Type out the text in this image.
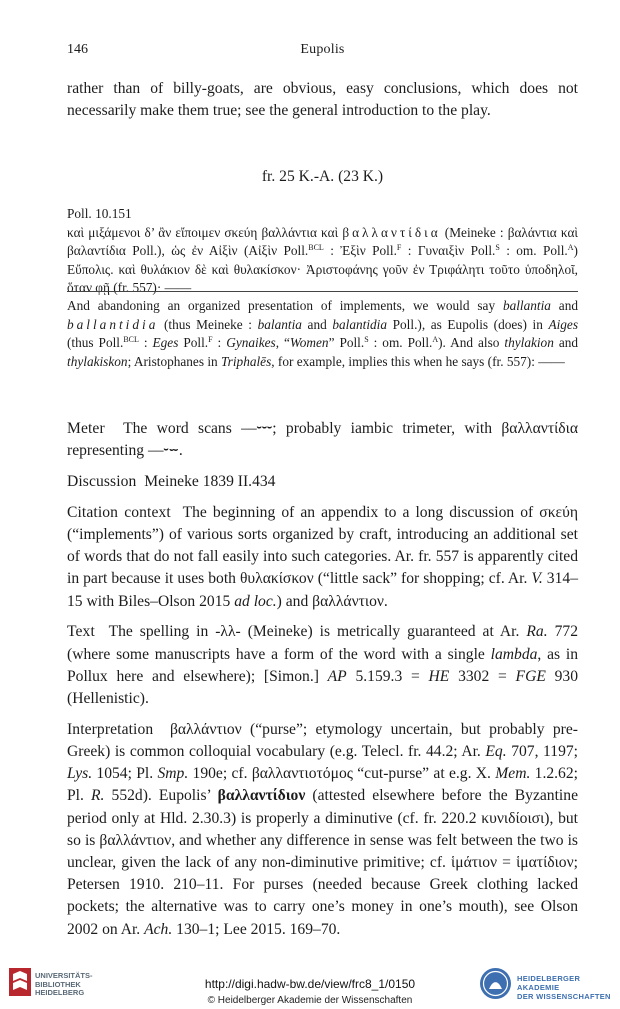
146	Eupolis
rather than of billy-goats, are obvious, easy conclusions, which does not necessarily make them true; see the general introduction to the play.
fr. 25 K.-A. (23 K.)
Poll. 10.151
καὶ μιξάμενοι δ’ ἂν εἴποιμεν σκεύη βαλλάντια καὶ βαλλαντίδια (Meineke : βαλάντια καὶ βαλαντίδια Poll.), ὡς ἐν Αἰξὶν (Αἰξὶν Poll.$^{BCL}$ : Ἐξὶν Poll.$^F$ : Γυναιξὶν Poll.$^S$ : om. Poll.$^A$) Εὔπολις. καὶ θυλάκιον δὲ καὶ θυλακίσκον· Ἀριστοφάνης γοῦν ἐν Τριφάλητι τοῦτο ὑποδηλοῖ, ὅταν φῇ (fr. 557)· ——
And abandoning an organized presentation of implements, we would say ballantia and ballantidia (thus Meineke : balantia and balantidia Poll.), as Eupolis (does) in Aiges (thus Poll.$^{BCL}$ : Eges Poll.$^F$ : Gynaikes, “Women” Poll.$^S$ : om. Poll.$^A$). And also thylakion and thylakiskon; Aristophanes in Triphalēs, for example, implies this when he says (fr. 557): ——
Meter The word scans ––⏑⏑⏑; probably iambic trimeter, with βαλλαντίδια representing ––⏑⏖.
Discussion Meineke 1839 II.434
Citation context The beginning of an appendix to a long discussion of σκεύη (“implements”) of various sorts organized by craft, introducing an additional set of words that do not fall easily into such categories. Ar. fr. 557 is apparently cited in part because it uses both θυλακίσκον (“little sack” for shopping; cf. Ar. V. 314–15 with Biles–Olson 2015 ad loc.) and βαλλάντιον.
Text The spelling in -λλ- (Meineke) is metrically guaranteed at Ar. Ra. 772 (where some manuscripts have a form of the word with a single lambda, as in Pollux here and elsewhere); [Simon.] AP 5.159.3 = HE 3302 = FGE 930 (Hellenistic).
Interpretation βαλλάντιον (“purse”; etymology uncertain, but probably pre-Greek) is common colloquial vocabulary (e.g. Telecl. fr. 44.2; Ar. Eq. 707, 1197; Lys. 1054; Pl. Smp. 190e; cf. βαλλαντιοτόμος “cut-purse” at e.g. X. Mem. 1.2.62; Pl. R. 552d). Eupolis’ βαλλαντίδιον (attested elsewhere before the Byzantine period only at Hld. 2.30.3) is properly a diminutive (cf. fr. 220.2 κυνιδίοισι), but so is βαλλάντιον, and whether any difference in sense was felt between the two is unclear, given the lack of any non-diminutive primitive; cf. ἱμάτιον = ἱματίδιον; Petersen 1910. 210–11. For purses (needed because Greek clothing lacked pockets; the alternative was to carry one’s money in one’s mouth), see Olson 2002 on Ar. Ach. 130–1; Lee 2015. 169–70.
UNIVERSITÄTS-
BIBLIOTHEK
HEIDELBERG
http://digi.hadw-bw.de/view/frc8_1/0150
© Heidelberger Akademie der Wissenschaften
HEIDELBERGER AKADEMIE
DER WISSENSCHAFTEN
